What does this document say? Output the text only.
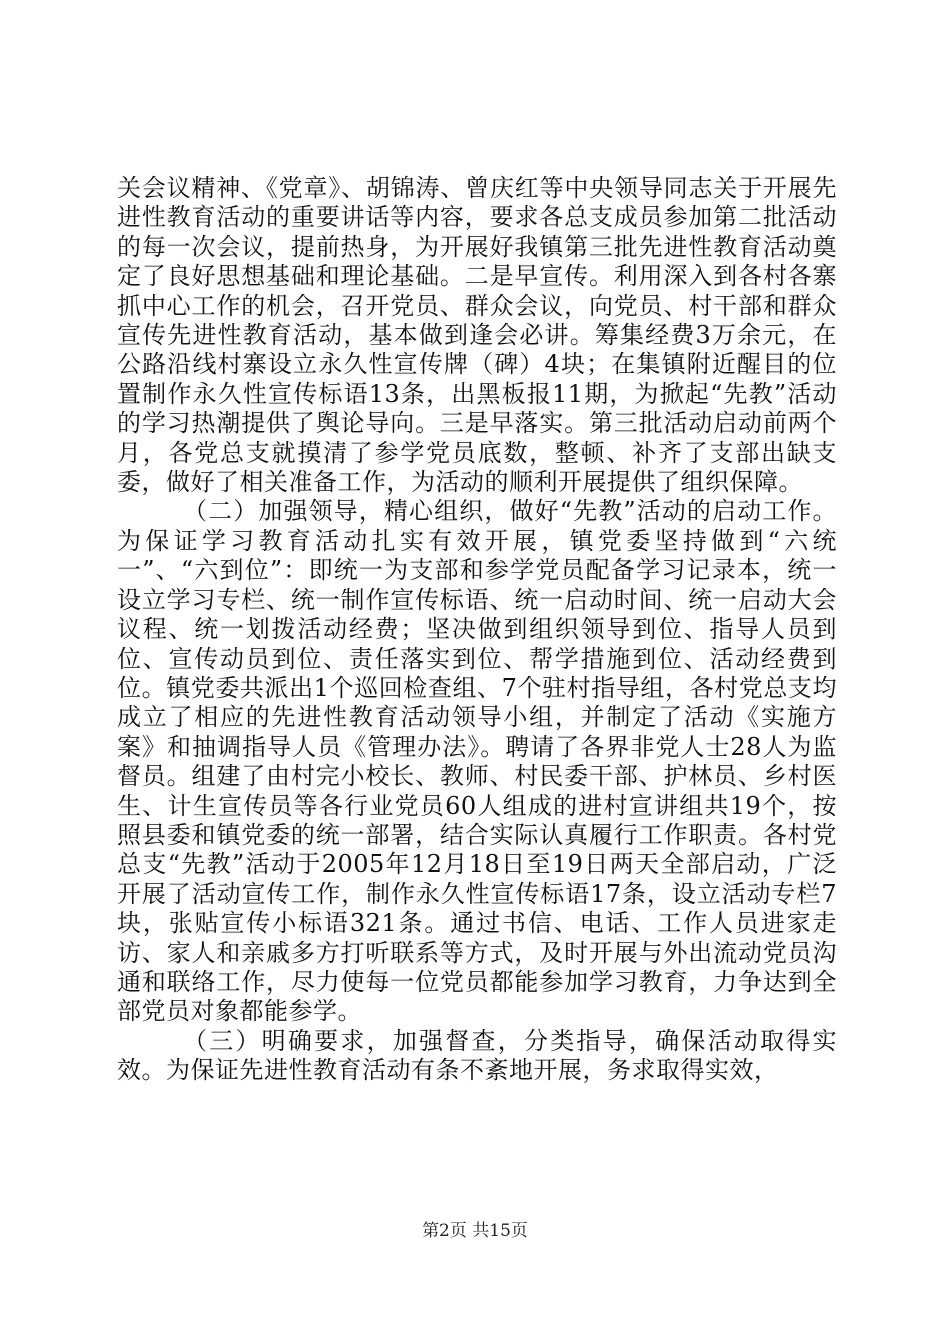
关会议精神、《党章》、胡锦涛、曾庆红等中央领导同志关于开展先进性教育活动的重要讲话等内容，要求各总支成员参加第二批活动的每一次会议，提前热身，为开展好我镇第三批先进性教育活动奠定了良好思想基础和理论基础。二是早宣传。利用深入到各村各寨抓中心工作的机会，召开党员、群众会议，向党员、村干部和群众宣传先进性教育活动，基本做到逢会必讲。筹集经费3万余元，在公路沿线村寨设立永久性宣传牌（碑）4块；在集镇附近醒目的位置制作永久性宣传标语13条，出黑板报11期，为掀起“先教”活动的学习热潮提供了舆论导向。三是早落实。第三批活动启动前两个月，各党总支就摸清了参学党员底数，整顿、补齐了支部出缺支委，做好了相关准备工作，为活动的顺利开展提供了组织保障。

（二）加强领导，精心组织，做好“先教”活动的启动工作。为保证学习教育活动扎实有效开展，镇党委坚持做到“六统一”、“六到位”：即统一为支部和参学党员配备学习记录本，统一设立学习专栏、统一制作宣传标语、统一启动时间、统一启动大会议程、统一划拨活动经费；坚决做到组织领导到位、指导人员到位、宣传动员到位、责任落实到位、帮学措施到位、活动经费到位。镇党委共派出1个巡回检查组、7个驻村指导组，各村党总支均成立了相应的先进性教育活动领导小组，并制定了活动《实施方案》和抽调指导人员《管理办法》。聘请了各界非党人士28人为监督员。组建了由村完小校长、教师、村民委干部、护林员、乡村医生、计生宣传员等各行业党员60人组成的进村宣讲组共19个，按照县委和镇党委的统一部署，结合实际认真履行工作职责。各村党总支“先教”活动于2005年12月18日至19日两天全部启动，广泛开展了活动宣传工作，制作永久性宣传标语17条，设立活动专栏7块，张贴宣传小标语321条。通过书信、电话、工作人员进家走访、家人和亲戚多方打听联系等方式，及时开展与外出流动党员沟通和联络工作，尽力使每一位党员都能参加学习教育，力争达到全部党员对象都能参学。

（三）明确要求，加强督查，分类指导，确保活动取得实效。为保证先进性教育活动有条不紊地开展，务求取得实效，

第2页 共15页
